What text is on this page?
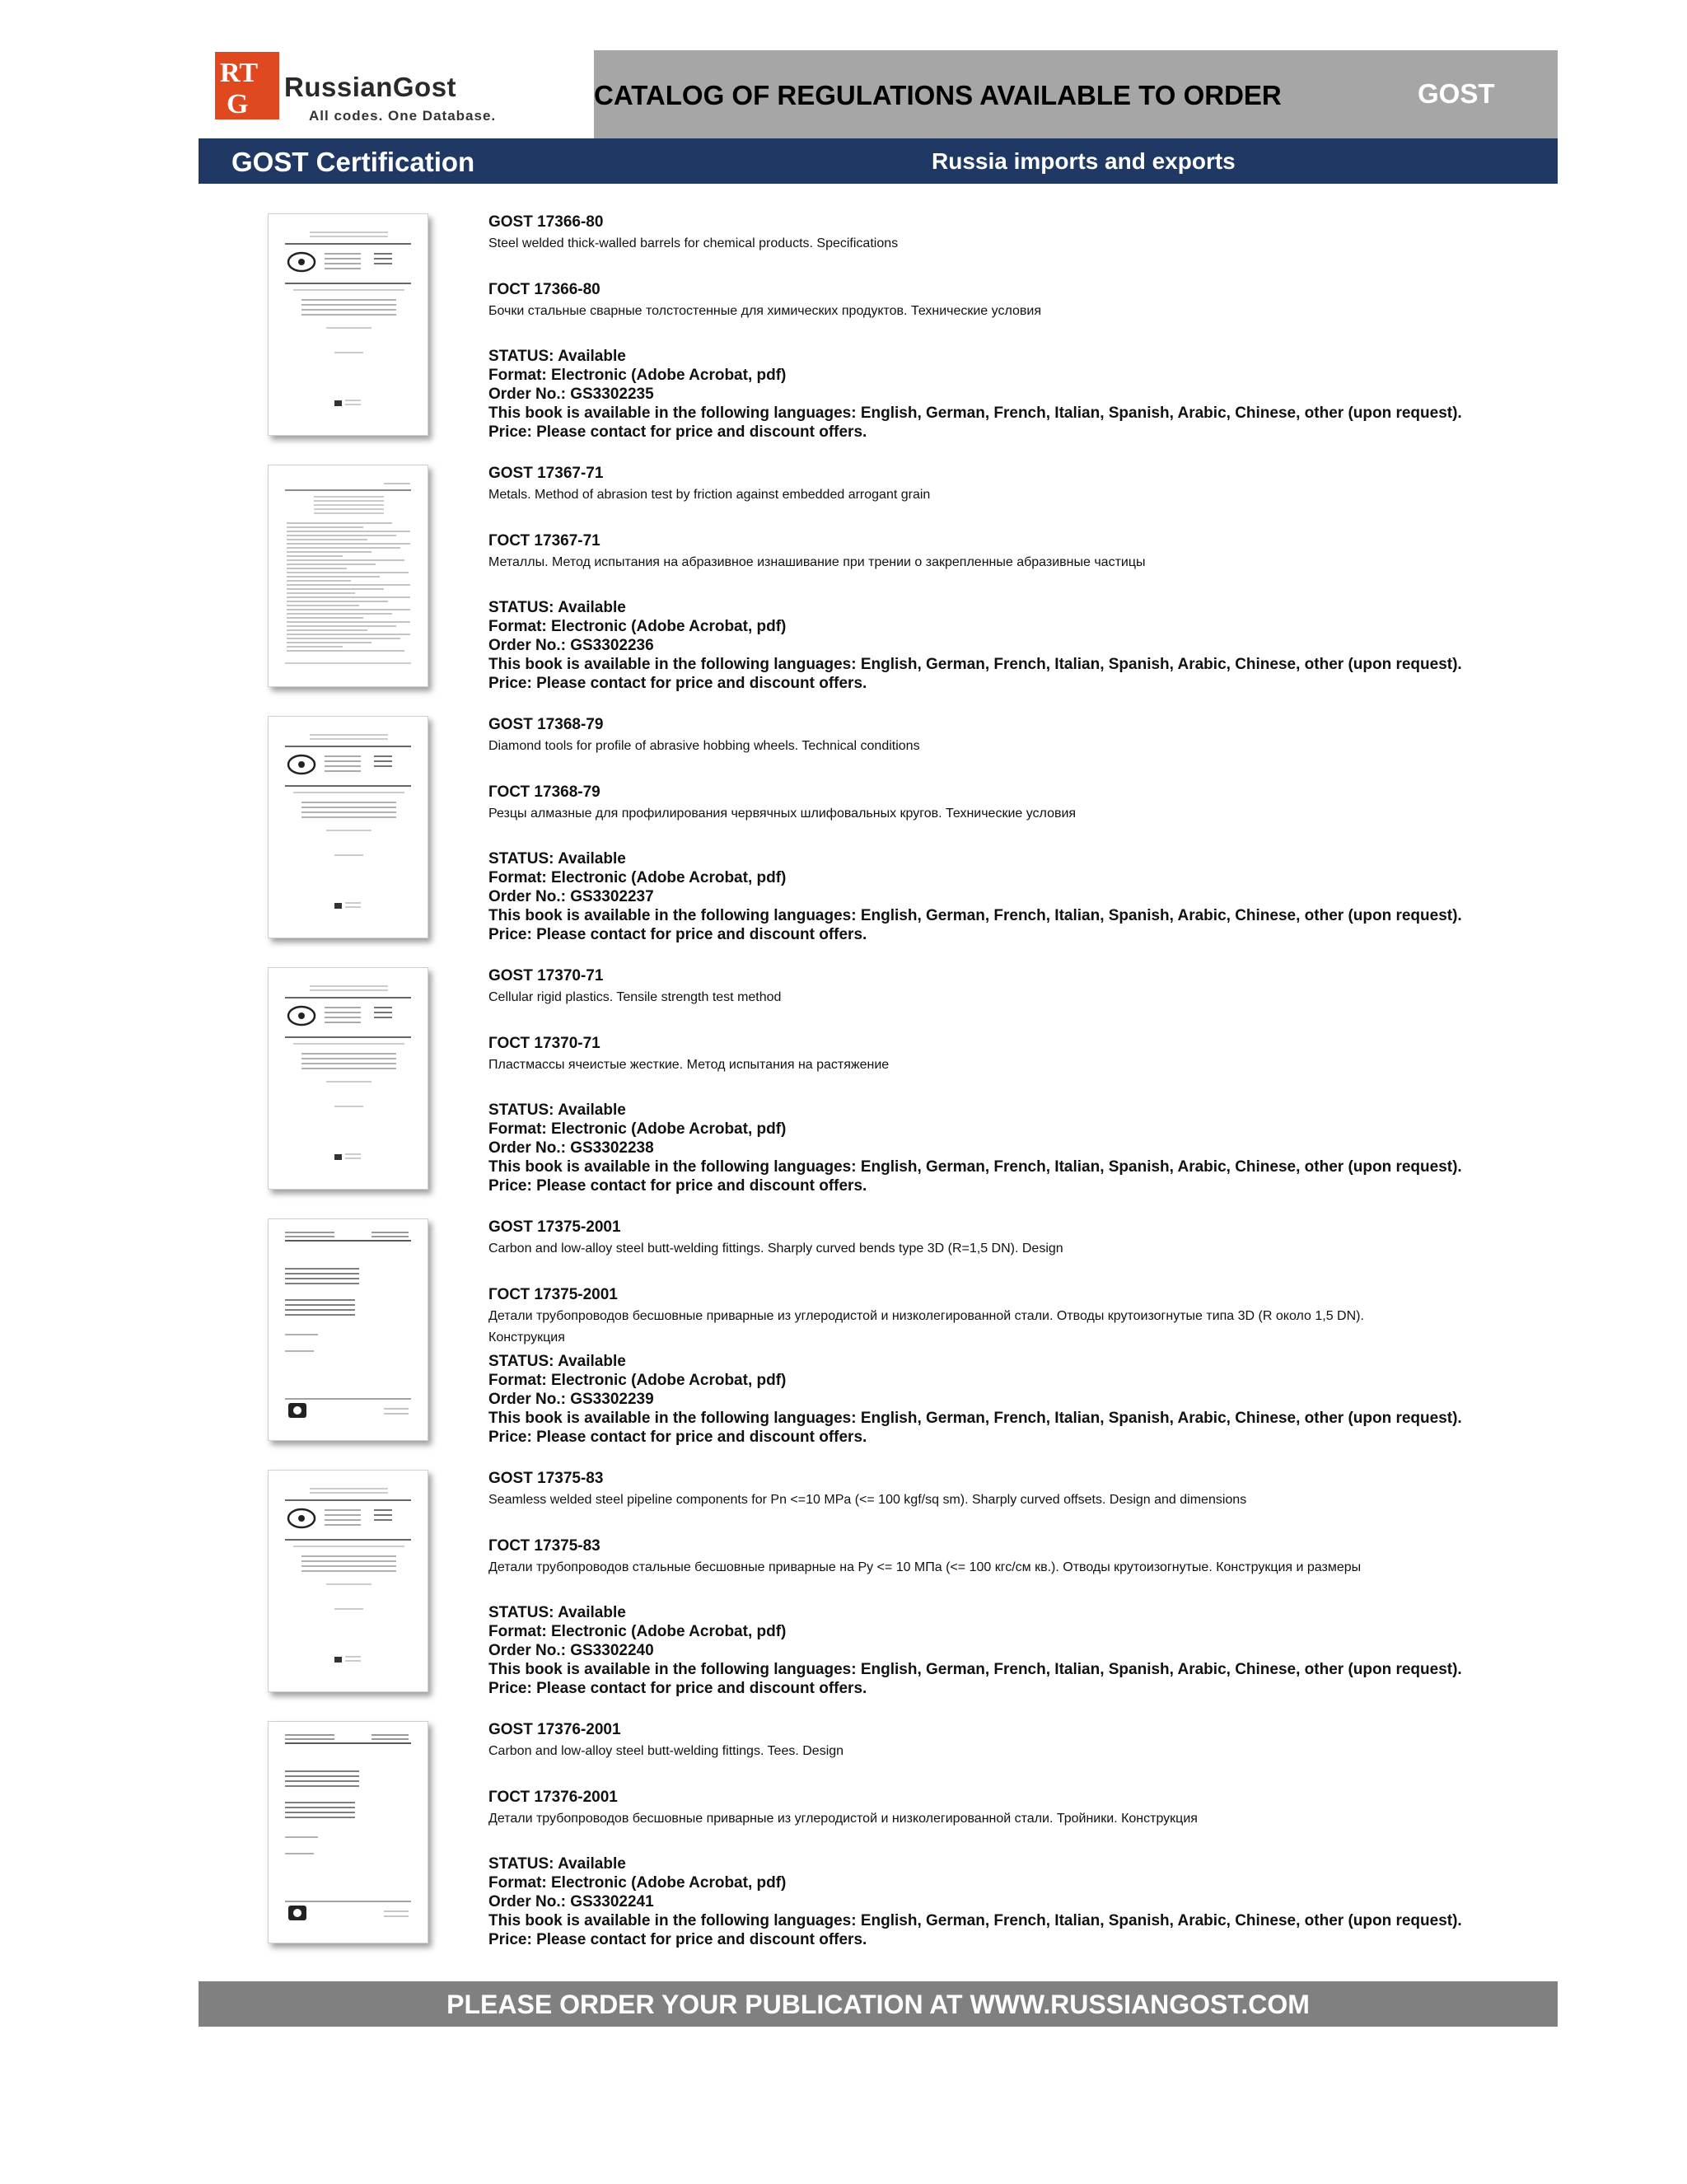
RT
G
RussianGost
All codes. One Database.
CATALOG OF REGULATIONS AVAILABLE TO ORDER	GOST
GOST Certification	Russia imports and exports
GOST 17366-80
Steel welded thick-walled barrels for chemical products. Specifications
ГОСТ 17366-80
Бочки стальные сварные толстостенные для химических продуктов. Технические условия
STATUS: Available
Format: Electronic (Adobe Acrobat, pdf)
Order No.: GS3302235
This book is available in the following languages: English, German, French, Italian, Spanish, Arabic, Chinese, other (upon request).
Price: Please contact for price and discount offers.
GOST 17367-71
Metals. Method of abrasion test by friction against embedded arrogant grain
ГОСТ 17367-71
Металлы. Метод испытания на абразивное изнашивание при трении о закрепленные абразивные частицы
STATUS: Available
Format: Electronic (Adobe Acrobat, pdf)
Order No.: GS3302236
This book is available in the following languages: English, German, French, Italian, Spanish, Arabic, Chinese, other (upon request).
Price: Please contact for price and discount offers.
GOST 17368-79
Diamond tools for profile of abrasive hobbing wheels. Technical conditions
ГОСТ 17368-79
Резцы алмазные для профилирования червячных шлифовальных кругов. Технические условия
STATUS: Available
Format: Electronic (Adobe Acrobat, pdf)
Order No.: GS3302237
This book is available in the following languages: English, German, French, Italian, Spanish, Arabic, Chinese, other (upon request).
Price: Please contact for price and discount offers.
GOST 17370-71
Cellular rigid plastics. Tensile strength test method
ГОСТ 17370-71
Пластмассы ячеистые жесткие. Метод испытания на растяжение
STATUS: Available
Format: Electronic (Adobe Acrobat, pdf)
Order No.: GS3302238
This book is available in the following languages: English, German, French, Italian, Spanish, Arabic, Chinese, other (upon request).
Price: Please contact for price and discount offers.
GOST 17375-2001
Carbon and low-alloy steel butt-welding fittings. Sharply curved bends type 3D (R=1,5 DN). Design
ГОСТ 17375-2001
Детали трубопроводов бесшовные приварные из углеродистой и низколегированной стали. Отводы крутоизогнутые типа 3D (R около 1,5 DN).
Конструкция
STATUS: Available
Format: Electronic (Adobe Acrobat, pdf)
Order No.: GS3302239
This book is available in the following languages: English, German, French, Italian, Spanish, Arabic, Chinese, other (upon request).
Price: Please contact for price and discount offers.
GOST 17375-83
Seamless welded steel pipeline components for Pn <=10 MPa (<= 100 kgf/sq sm). Sharply curved offsets. Design and dimensions
ГОСТ 17375-83
Детали трубопроводов стальные бесшовные приварные на Py <= 10 МПа (<= 100 кгс/см кв.). Отводы крутоизогнутые. Конструкция и размеры
STATUS: Available
Format: Electronic (Adobe Acrobat, pdf)
Order No.: GS3302240
This book is available in the following languages: English, German, French, Italian, Spanish, Arabic, Chinese, other (upon request).
Price: Please contact for price and discount offers.
GOST 17376-2001
Carbon and low-alloy steel butt-welding fittings. Tees. Design
ГОСТ 17376-2001
Детали трубопроводов бесшовные приварные из углеродистой и низколегированной стали. Тройники. Конструкция
STATUS: Available
Format: Electronic (Adobe Acrobat, pdf)
Order No.: GS3302241
This book is available in the following languages: English, German, French, Italian, Spanish, Arabic, Chinese, other (upon request).
Price: Please contact for price and discount offers.
PLEASE ORDER YOUR PUBLICATION AT WWW.RUSSIANGOST.COM
